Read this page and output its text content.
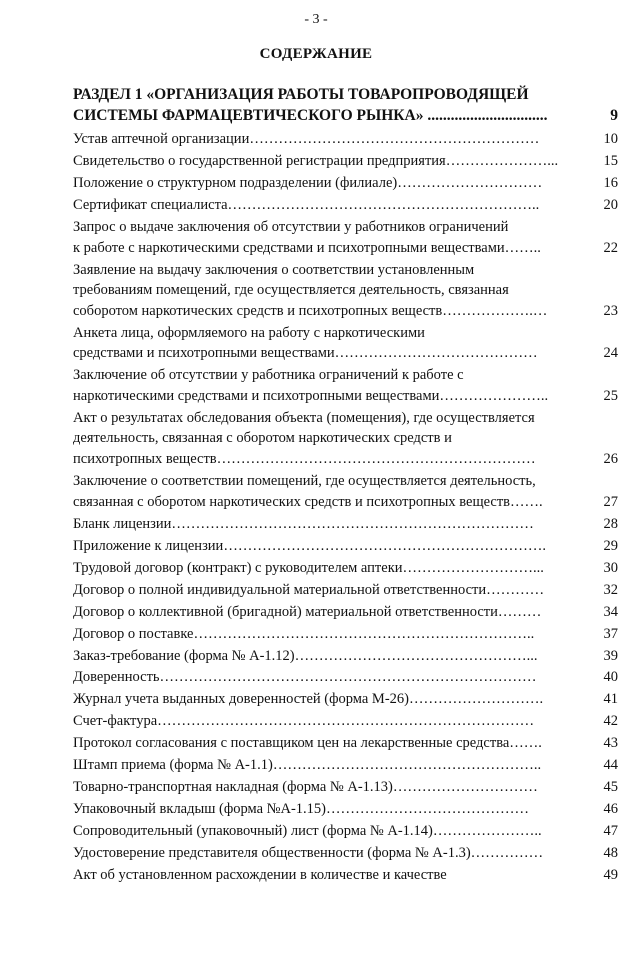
- 3 -
СОДЕРЖАНИЕ
РАЗДЕЛ 1 «ОРГАНИЗАЦИЯ РАБОТЫ ТОВАРОПРОВОДЯЩЕЙ
СИСТЕМЫ ФАРМАЦЕВТИЧЕСКОГО РЫНКА» ...............................	9
Устав аптечной организации……………………………………………………	10
Свидетельство о государственной регистрации предприятия…………………...	15
Положение о структурном подразделении (филиале)…………………………	16
Сертификат специалиста………………………………………………………..	20
Запрос о выдаче заключения об отсутствии у работников ограничений
к работе с наркотическими средствами и психотропными веществами……..	22
Заявление на выдачу заключения о соответствии установленным
требованиям помещений, где осуществляется деятельность, связанная
соборотом наркотических средств и психотропных веществ……………….…	23
Анкета лица, оформляемого на работу с наркотическими
средствами и психотропными веществами……………………………………	24
Заключение об отсутствии у работника ограничений к работе с
наркотическими средствами и психотропными веществами…………………..	25
Акт о результатах обследования объекта (помещения), где осуществляется
деятельность, связанная с оборотом наркотических средств и
психотропных веществ…………………………………………………………	26
Заключение о соответствии помещений, где осуществляется деятельность,
связанная с оборотом наркотических средств и психотропных веществ…….	27
Бланк лицензии…………………………………………………………………	28
Приложение к лицензии………………………………………………………….	29
Трудовой договор (контракт) с руководителем аптеки………………………...	30
Договор о полной индивидуальной материальной ответственности…………	32
Договор о коллективной (бригадной) материальной ответственности………	34
Договор о поставке……………………………………………………………..	37
Заказ-требование (форма № А-1.12)…………………………………………...	39
Доверенность……………………………………………………………………	40
Журнал учета выданных доверенностей (форма М-26)……………………….	41
Счет-фактура……………………………………………………………………	42
Протокол согласования с поставщиком цен на лекарственные средства…….	43
Штамп приема (форма № А-1.1)………………………………………………..	44
Товарно-транспортная накладная (форма № А-1.13)…………………………	45
Упаковочный вкладыш (форма №А-1.15)……………………………………	46
Сопроводительный (упаковочный) лист (форма № А-1.14)…………………..	47
Удостоверение представителя общественности (форма № А-1.3)……………	48
Акт об установленном расхождении в количестве и качестве	49
